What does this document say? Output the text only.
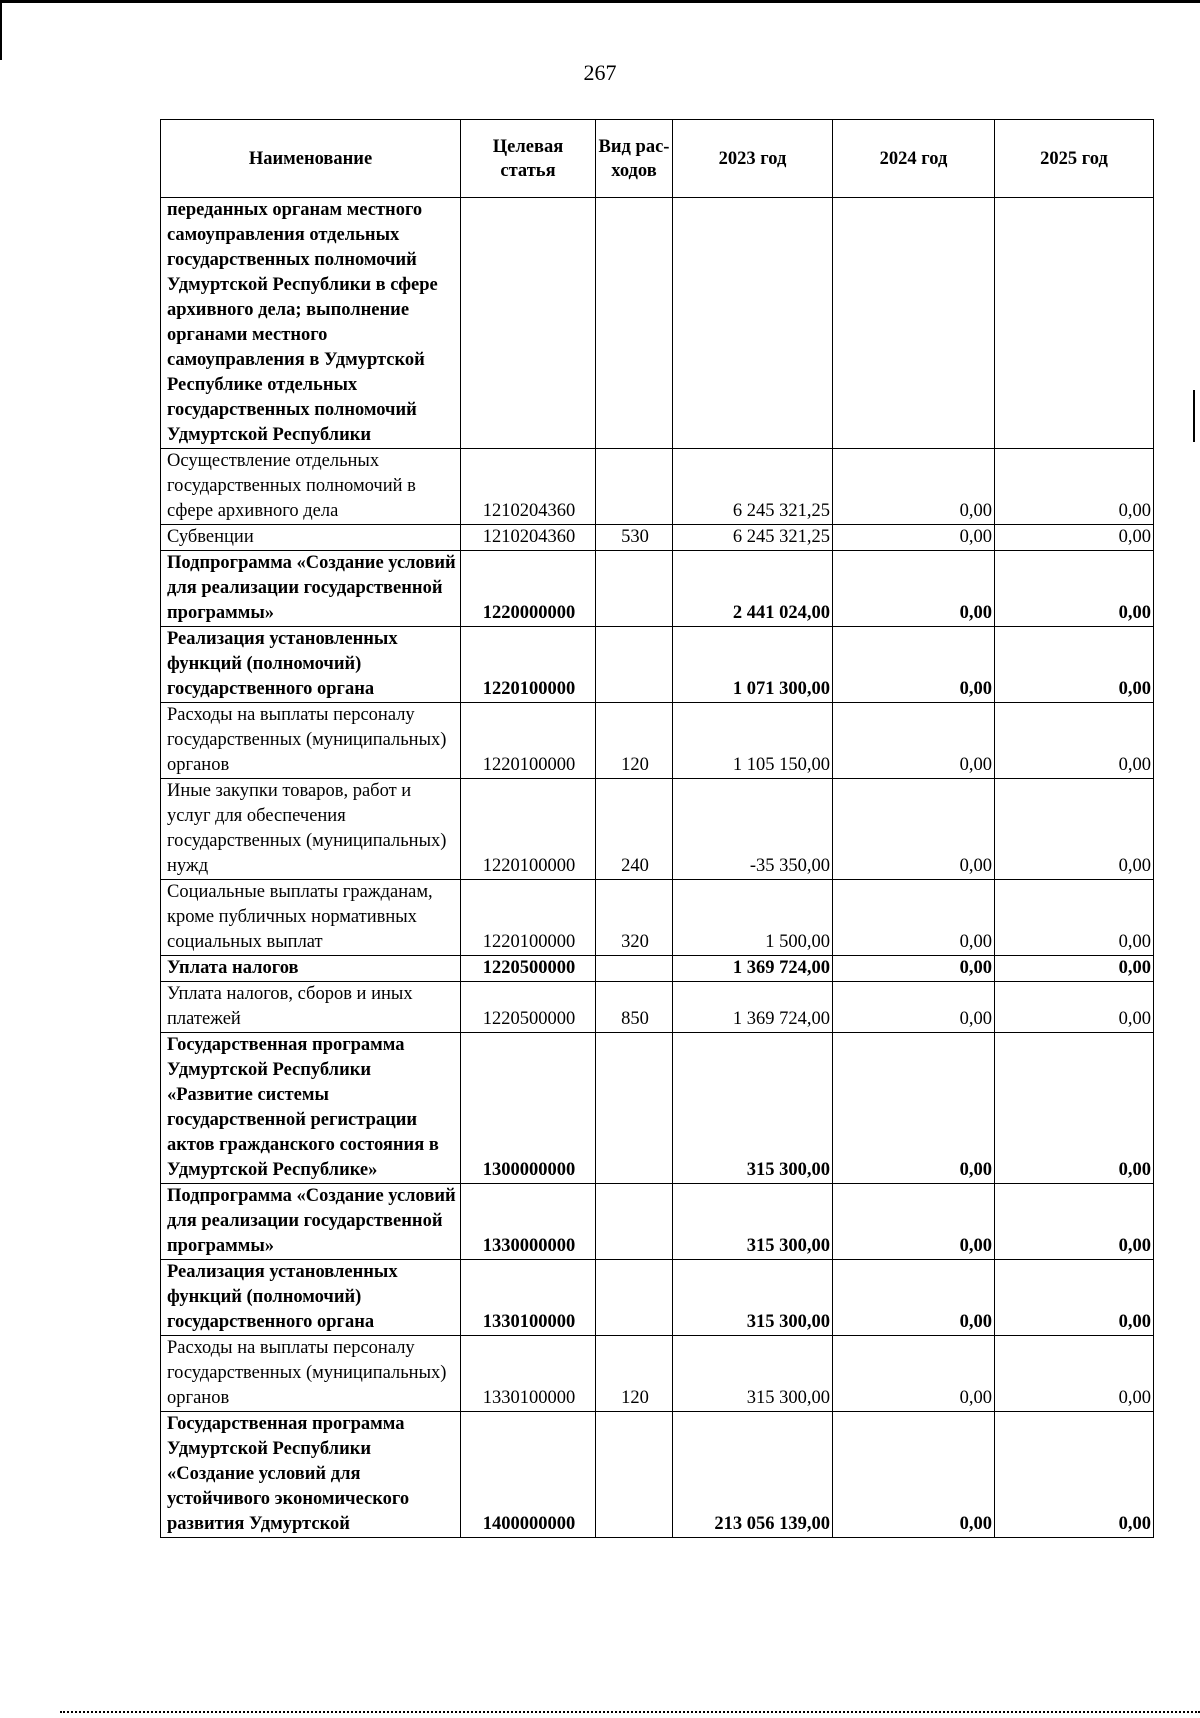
267
Наименование	Целевая статья	Вид рас- ходов	2023 год	2024 год	2025 год
переданных органам местного самоуправления отдельных государственных полномочий Удмуртской Республики в сфере архивного дела; выполнение органами местного самоуправления в Удмуртской Республике отдельных государственных полномочий Удмуртской Республики					
Осуществление отдельных государственных полномочий в сфере архивного дела	1210204360		6 245 321,25	0,00	0,00
Субвенции	1210204360	530	6 245 321,25	0,00	0,00
Подпрограмма «Создание условий для реализации государственной программы»	1220000000		2 441 024,00	0,00	0,00
Реализация установленных функций (полномочий) государственного органа	1220100000		1 071 300,00	0,00	0,00
Расходы на выплаты персоналу государственных (муниципальных) органов	1220100000	120	1 105 150,00	0,00	0,00
Иные закупки товаров, работ и услуг для обеспечения государственных (муниципальных) нужд	1220100000	240	-35 350,00	0,00	0,00
Социальные выплаты гражданам, кроме публичных нормативных социальных выплат	1220100000	320	1 500,00	0,00	0,00
Уплата налогов	1220500000		1 369 724,00	0,00	0,00
Уплата налогов, сборов и иных платежей	1220500000	850	1 369 724,00	0,00	0,00
Государственная программа Удмуртской Республики «Развитие системы государственной регистрации актов гражданского состояния в Удмуртской Республике»	1300000000		315 300,00	0,00	0,00
Подпрограмма «Создание условий для реализации государственной программы»	1330000000		315 300,00	0,00	0,00
Реализация установленных функций (полномочий) государственного органа	1330100000		315 300,00	0,00	0,00
Расходы на выплаты персоналу государственных (муниципальных) органов	1330100000	120	315 300,00	0,00	0,00
Государственная программа Удмуртской Республики «Создание условий для устойчивого экономического развития Удмуртской	1400000000		213 056 139,00	0,00	0,00
